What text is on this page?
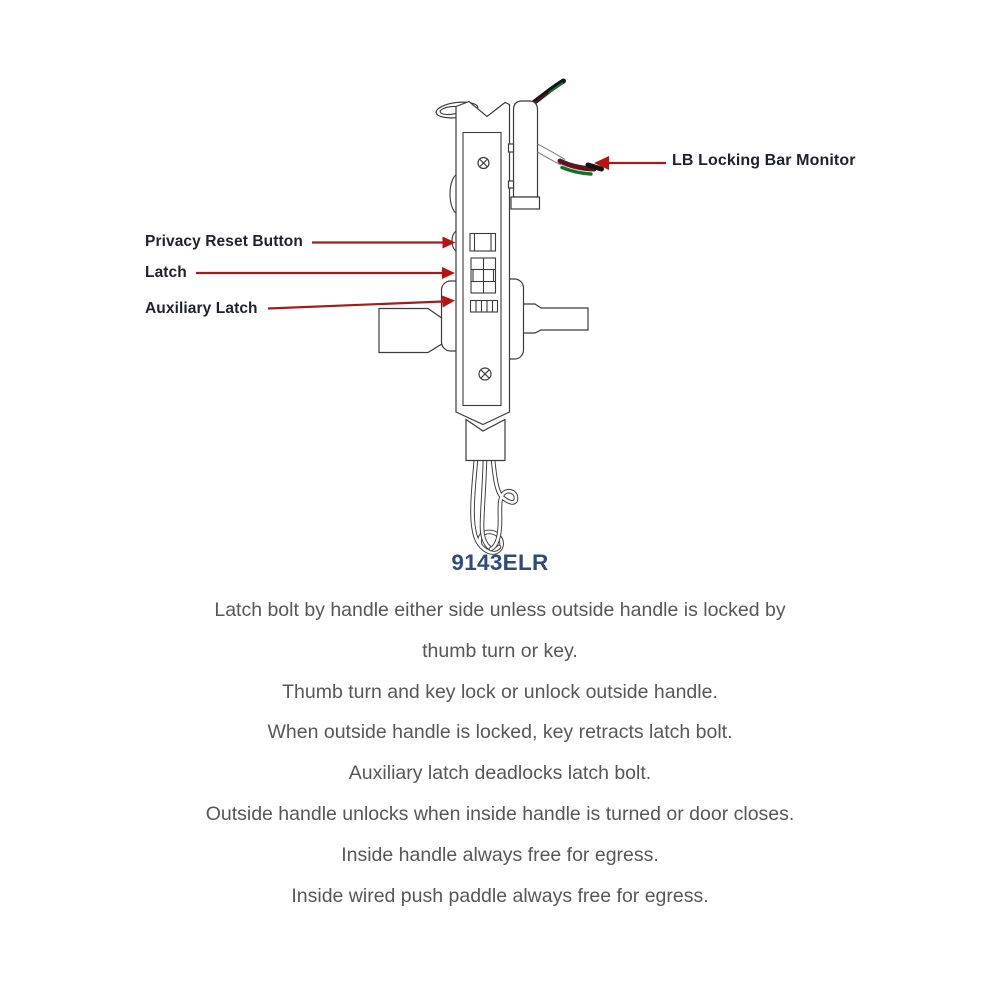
LB Locking Bar Monitor
Privacy Reset Button
Latch
Auxiliary Latch
9143ELR
Latch bolt by handle either side unless outside handle is locked by
thumb turn or key.
Thumb turn and key lock or unlock outside handle.
When outside handle is locked, key retracts latch bolt.
Auxiliary latch deadlocks latch bolt.
Outside handle unlocks when inside handle is turned or door closes.
Inside handle always free for egress.
Inside wired push paddle always free for egress.
